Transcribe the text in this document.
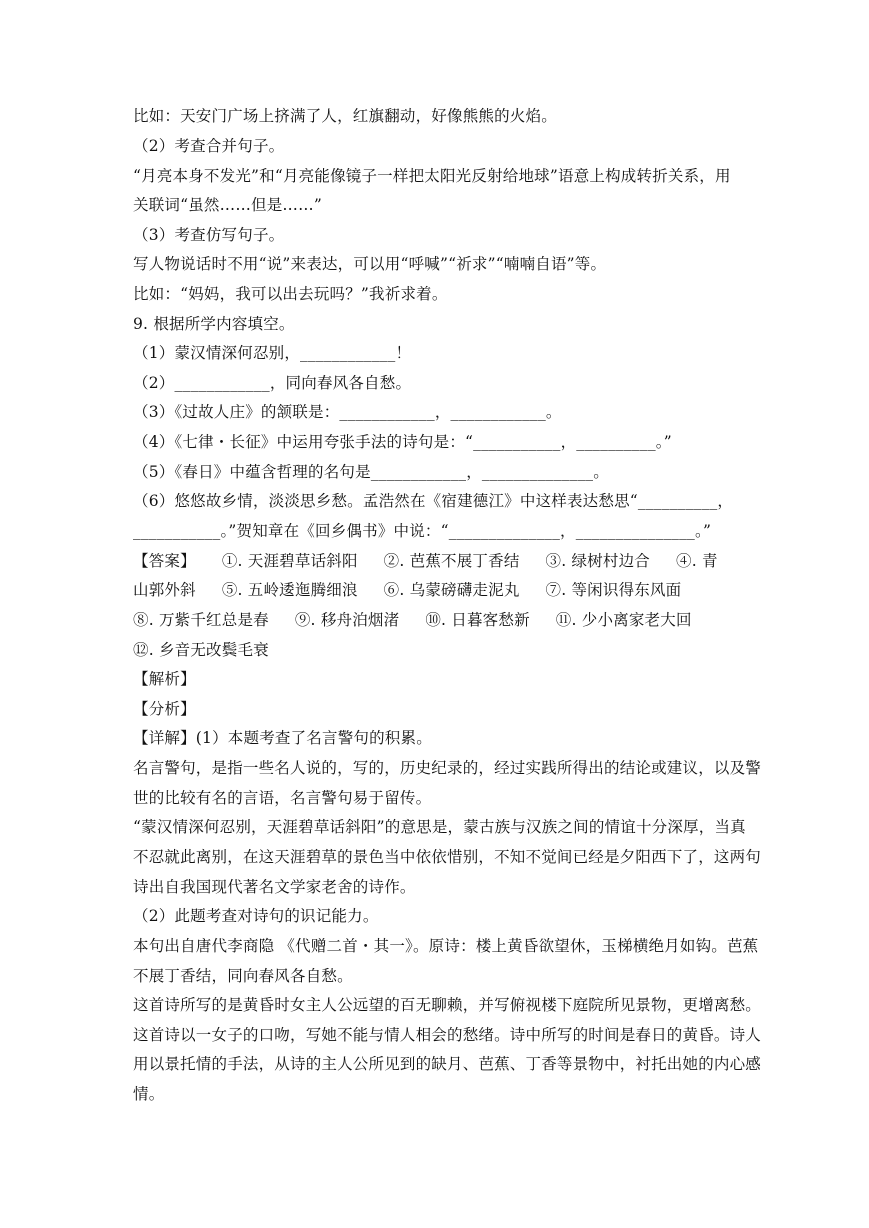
比如：天安门广场上挤满了人，红旗翻动，好像熊熊的火焰。
（2）考查合并句子。
“月亮本身不发光”和“月亮能像镜子一样把太阳光反射给地球”语意上构成转折关系，用
关联词“虽然……但是……”
（3）考查仿写句子。
写人物说话时不用“说”来表达，可以用“呼喊”“祈求”“喃喃自语”等。
比如：“妈妈，我可以出去玩吗？”我祈求着。
9. 根据所学内容填空。
（1）蒙汉情深何忍别，____________！
（2）____________，同向春风各自愁。
（3）《过故人庄》的颔联是：____________，____________。
（4）《七律・长征》中运用夸张手法的诗句是：“___________，__________。”
（5）《春日》中蕴含哲理的名句是____________，______________。
（6）悠悠故乡情，淡淡思乡愁。孟浩然在《宿建德江》中这样表达愁思“__________，
___________。”贺知章在《回乡偶书》中说：“______________，_______________。”
【答案】 ①. 天涯碧草话斜阳 ②. 芭蕉不展丁香结 ③. 绿树村边合 ④. 青
山郭外斜 ⑤. 五岭逶迤腾细浪 ⑥. 乌蒙磅礴走泥丸 ⑦. 等闲识得东风面
⑧. 万紫千红总是春 ⑨. 移舟泊烟渚 ⑩. 日暮客愁新 ⑪. 少小离家老大回
⑫. 乡音无改鬓毛衰
【解析】
【分析】
【详解】(1）本题考查了名言警句的积累。
名言警句，是指一些名人说的，写的，历史纪录的，经过实践所得出的结论或建议，以及警
世的比较有名的言语，名言警句易于留传。
“蒙汉情深何忍别，天涯碧草话斜阳”的意思是，蒙古族与汉族之间的情谊十分深厚，当真
不忍就此离别，在这天涯碧草的景色当中依依惜别，不知不觉间已经是夕阳西下了，这两句
诗出自我国现代著名文学家老舍的诗作。
（2）此题考查对诗句的识记能力。
本句出自唐代李商隐 《代赠二首・其一》。原诗：楼上黄昏欲望休，玉梯横绝月如钩。芭蕉
不展丁香结，同向春风各自愁。
这首诗所写的是黄昏时女主人公远望的百无聊赖，并写俯视楼下庭院所见景物，更增离愁。
这首诗以一女子的口吻，写她不能与情人相会的愁绪。诗中所写的时间是春日的黄昏。诗人
用以景托情的手法，从诗的主人公所见到的缺月、芭蕉、丁香等景物中，衬托出她的内心感
情。
